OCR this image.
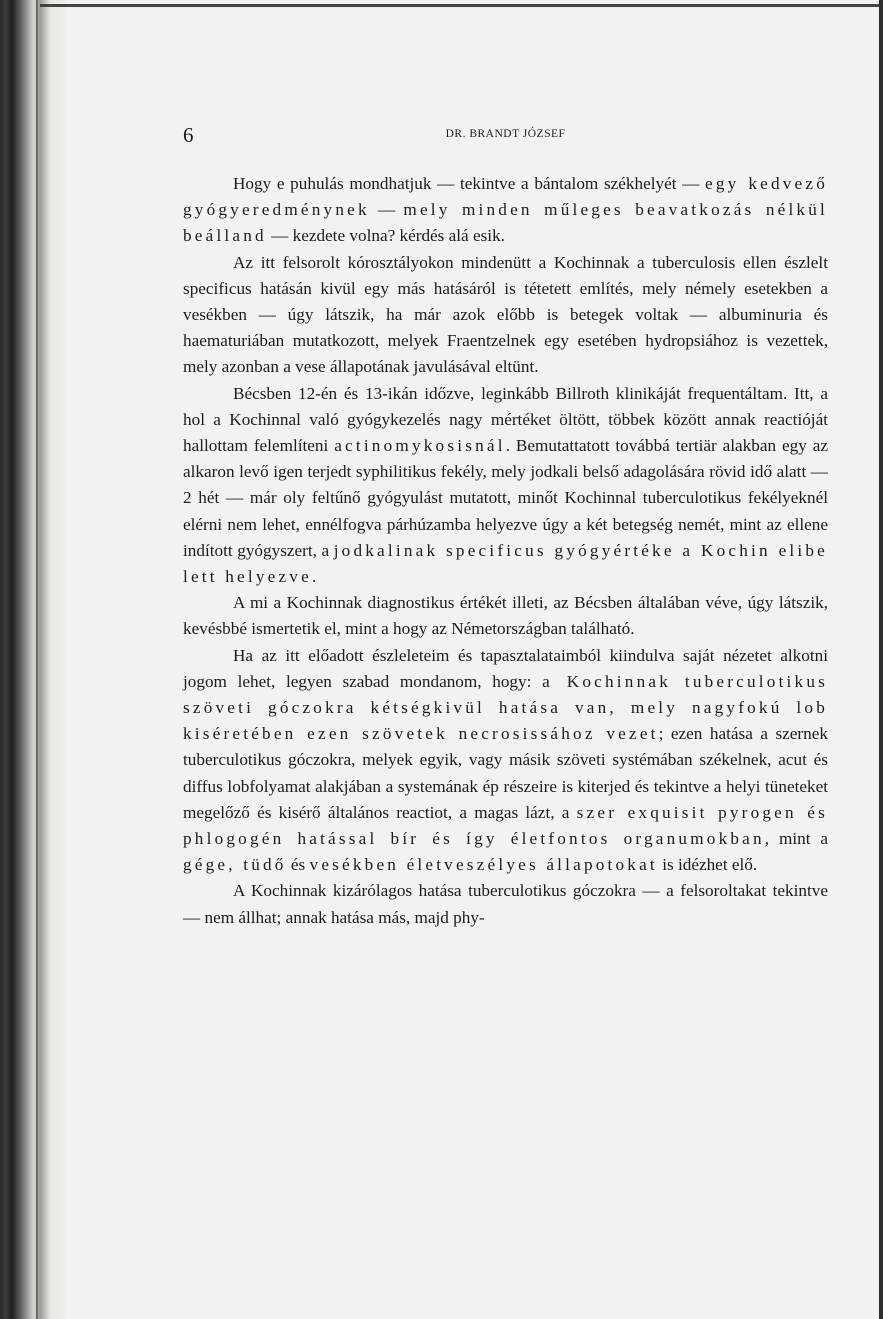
6	DR. BRANDT JÓZSEF

Hogy e puhulás mondhatjuk — tekintve a bántalom székhelyét — egy kedvező gyógyeredménynek — mely minden műleges beavatkozás nélkül beálland — kezdete volna? kérdés alá esik.

Az itt felsorolt kórosztályokon mindenütt a Kochinnak a tuberculosis ellen észlelt specificus hatásán kivül egy más hatásáról is tétetett említés, mely némely esetekben a vesékben — úgy látszik, ha már azok előbb is betegek voltak — albuminuria és haematuriában mutatkozott, melyek Fraentzelnek egy esetében hydropsiához is vezettek, mely azonban a vese állapotának javulásával eltünt.

Bécsben 12-én és 13-ikán időzve, leginkább Billroth klinikáját frequentáltam. Itt, a hol a Kochinnal való gyógykezelés nagy mértéket öltött, többek között annak reactióját hallottam felemlíteni actinomykosisnál. Bemutattatott továbbá tertiär alakban egy az alkaron levő igen terjedt syphilitikus fekély, mely jodkali belső adagolására rövid idő alatt — 2 hét — már oly feltűnő gyógyulást mutatott, minőt Kochinnal tuberculotikus fekélyeknél elérni nem lehet, ennélfogva párhúzamba helyezve úgy a két betegség nemét, mint az ellene indított gyógyszert, a jodkalinak specificus gyógyértéke a Kochin elibe lett helyezve.

A mi a Kochinnak diagnostikus értékét illeti, az Bécsben általában véve, úgy látszik, kevésbbé ismertetik el, mint a hogy az Németországban található.

Ha az itt előadott észleleteim és tapasztalataimból kiindulva saját nézetet alkotni jogom lehet, legyen szabad mondanom, hogy: a Kochinnak tuberculotikus szöveti góczokra kétségkivül hatása van, mely nagyfokú lob kiséretében ezen szövetek necrosissához vezet; ezen hatása a szernek tuberculotikus góczokra, melyek egyik, vagy másik szöveti systémában székelnek, acut és diffus lobfolyamat alakjában a systemának ép részeire is kiterjed és tekintve a helyi tüneteket megelőző és kisérő általános reactiot, a magas lázt, a szer exquisit pyrogen és phlogogén hatással bír és így életfontos organumokban, mint a gége, tüdő és vesékben életveszélyes állapotokat is idézhet elő.

A Kochinnak kizárólagos hatása tuberculotikus góczokra — a felsoroltakat tekintve — nem állhat; annak hatása más, majd phy-
